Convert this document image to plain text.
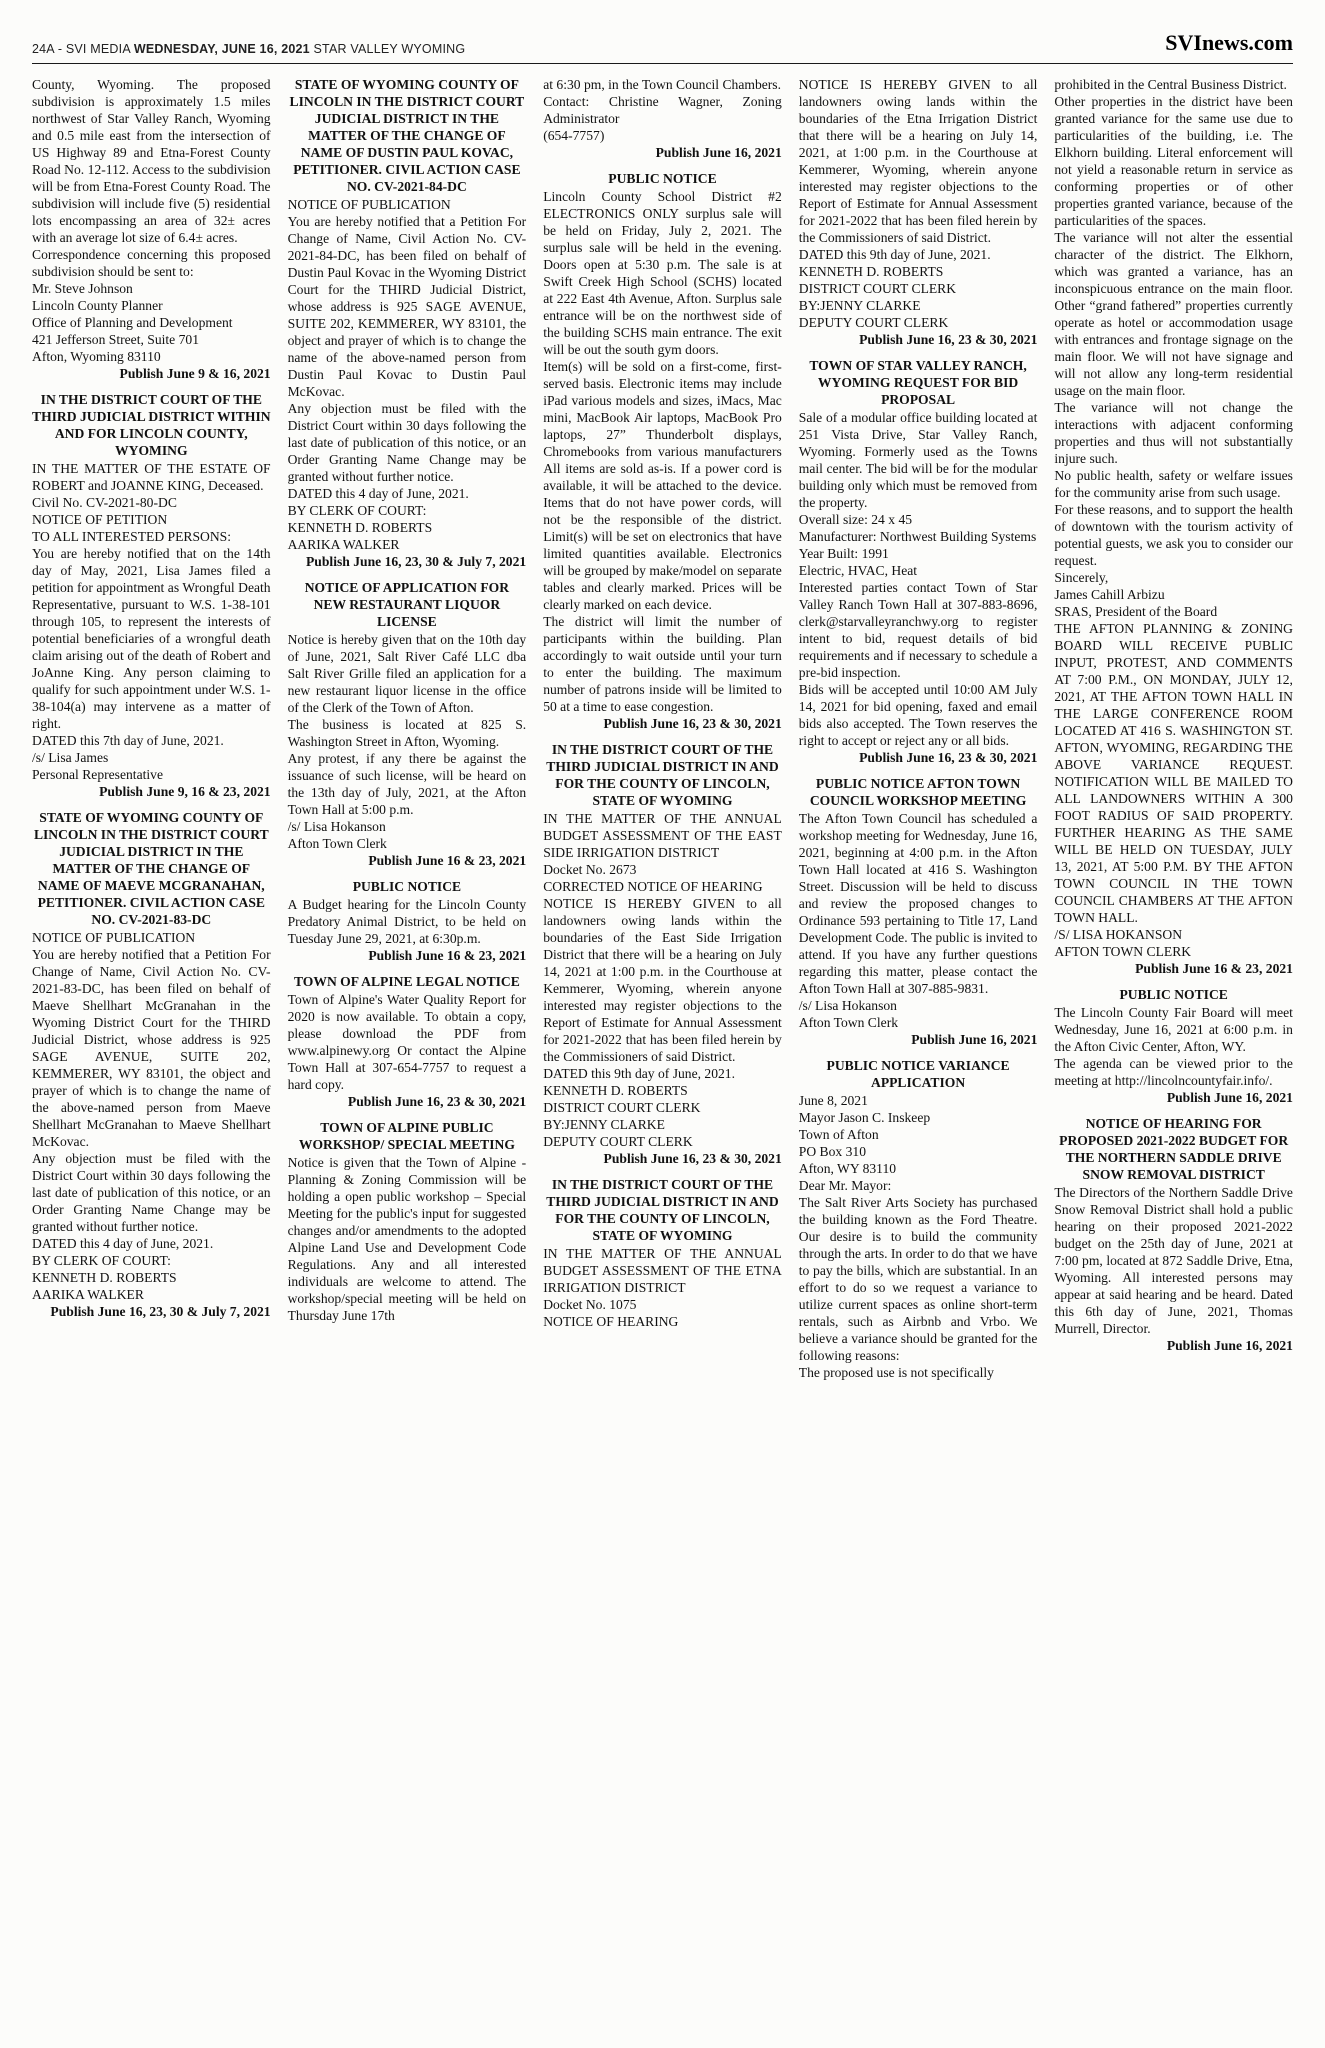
24A - SVI MEDIA WEDNESDAY, JUNE 16, 2021 STAR VALLEY WYOMING	SVInews.com
County, Wyoming. The proposed subdivision is approximately 1.5 miles northwest of Star Valley Ranch, Wyoming and 0.5 mile east from the intersection of US Highway 89 and Etna-Forest County Road No. 12-112. Access to the subdivision will be from Etna-Forest County Road. The subdivision will include five (5) residential lots encompassing an area of 32± acres with an average lot size of 6.4± acres.
Correspondence concerning this proposed subdivision should be sent to:
Mr. Steve Johnson
Lincoln County Planner
Office of Planning and Development
421 Jefferson Street, Suite 701
Afton, Wyoming 83110
Publish June 9 & 16, 2021
IN THE DISTRICT COURT OF THE THIRD JUDICIAL DISTRICT WITHIN AND FOR LINCOLN COUNTY, WYOMING
IN THE MATTER OF THE ESTATE OF ROBERT and JOANNE KING, Deceased.
Civil No. CV-2021-80-DC
NOTICE OF PETITION
TO ALL INTERESTED PERSONS:
You are hereby notified that on the 14th day of May, 2021, Lisa James filed a petition for appointment as Wrongful Death Representative, pursuant to W.S. 1-38-101 through 105, to represent the interests of potential beneficiaries of a wrongful death claim arising out of the death of Robert and JoAnne King. Any person claiming to qualify for such appointment under W.S. 1- 38-104(a) may intervene as a matter of right.
DATED this 7th day of June, 2021.
/s/ Lisa James
Personal Representative
Publish June 9, 16 & 23, 2021
STATE OF WYOMING COUNTY OF LINCOLN IN THE DISTRICT COURT JUDICIAL DISTRICT IN THE MATTER OF THE CHANGE OF NAME OF MAEVE MCGRANAHAN, PETITIONER. CIVIL ACTION CASE NO. CV-2021-83-DC
NOTICE OF PUBLICATION
You are hereby notified that a Petition For Change of Name, Civil Action No. CV-2021-83-DC, has been filed on behalf of Maeve Shellhart McGranahan in the Wyoming District Court for the THIRD Judicial District, whose address is 925 SAGE AVENUE, SUITE 202, KEMMERER, WY 83101, the object and prayer of which is to change the name of the above-named person from Maeve Shellhart McGranahan to Maeve Shellhart McKovac.
Any objection must be filed with the District Court within 30 days following the last date of publication of this notice, or an Order Granting Name Change may be granted without further notice.
DATED this 4 day of June, 2021.
BY CLERK OF COURT:
KENNETH D. ROBERTS
AARIKA WALKER
Publish June 16, 23, 30 & July 7, 2021
STATE OF WYOMING COUNTY OF LINCOLN IN THE DISTRICT COURT JUDICIAL DISTRICT IN THE MATTER OF THE CHANGE OF NAME OF DUSTIN PAUL KOVAC, PETITIONER. CIVIL ACTION CASE NO. CV-2021-84-DC
NOTICE OF PUBLICATION
You are hereby notified that a Petition For Change of Name, Civil Action No. CV-2021-84-DC, has been filed on behalf of Dustin Paul Kovac in the Wyoming District Court for the THIRD Judicial District, whose address is 925 SAGE AVENUE, SUITE 202, KEMMERER, WY 83101, the object and prayer of which is to change the name of the above-named person from Dustin Paul Kovac to Dustin Paul McKovac.
Any objection must be filed with the District Court within 30 days following the last date of publication of this notice, or an Order Granting Name Change may be granted without further notice.
DATED this 4 day of June, 2021.
BY CLERK OF COURT:
KENNETH D. ROBERTS
AARIKA WALKER
Publish June 16, 23, 30 & July 7, 2021
NOTICE OF APPLICATION FOR NEW RESTAURANT LIQUOR LICENSE
Notice is hereby given that on the 10th day of June, 2021, Salt River Café LLC dba Salt River Grille filed an application for a new restaurant liquor license in the office of the Clerk of the Town of Afton.
The business is located at 825 S. Washington Street in Afton, Wyoming.
Any protest, if any there be against the issuance of such license, will be heard on the 13th day of July, 2021, at the Afton Town Hall at 5:00 p.m.
/s/ Lisa Hokanson
Afton Town Clerk
Publish June 16 & 23, 2021
PUBLIC NOTICE
A Budget hearing for the Lincoln County Predatory Animal District, to be held on Tuesday June 29, 2021, at 6:30p.m.
Publish June 16 & 23, 2021
TOWN OF ALPINE LEGAL NOTICE
Town of Alpine's Water Quality Report for 2020 is now available. To obtain a copy, please download the PDF from www.alpinewy.org Or contact the Alpine Town Hall at 307-654-7757 to request a hard copy.
Publish June 16, 23 & 30, 2021
TOWN OF ALPINE PUBLIC WORKSHOP/ SPECIAL MEETING
Notice is given that the Town of Alpine - Planning & Zoning Commission will be holding a open public workshop – Special Meeting for the public's input for suggested changes and/or amendments to the adopted Alpine Land Use and Development Code Regulations. Any and all interested individuals are welcome to attend. The workshop/special meeting will be held on Thursday June 17th
at 6:30 pm, in the Town Council Chambers.
Contact: Christine Wagner, Zoning Administrator
(654-7757)
Publish June 16, 2021
PUBLIC NOTICE
Lincoln County School District #2 ELECTRONICS ONLY surplus sale will be held on Friday, July 2, 2021. The surplus sale will be held in the evening. Doors open at 5:30 p.m. The sale is at Swift Creek High School (SCHS) located at 222 East 4th Avenue, Afton. Surplus sale entrance will be on the northwest side of the building SCHS main entrance. The exit will be out the south gym doors.
Item(s) will be sold on a first-come, first-served basis. Electronic items may include iPad various models and sizes, iMacs, Mac mini, MacBook Air laptops, MacBook Pro laptops, 27” Thunderbolt displays, Chromebooks from various manufacturers All items are sold as-is. If a power cord is available, it will be attached to the device. Items that do not have power cords, will not be the responsible of the district. Limit(s) will be set on electronics that have limited quantities available. Electronics will be grouped by make/model on separate tables and clearly marked. Prices will be clearly marked on each device.
The district will limit the number of participants within the building. Plan accordingly to wait outside until your turn to enter the building. The maximum number of patrons inside will be limited to 50 at a time to ease congestion.
Publish June 16, 23 & 30, 2021
IN THE DISTRICT COURT OF THE THIRD JUDICIAL DISTRICT IN AND FOR THE COUNTY OF LINCOLN, STATE OF WYOMING
IN THE MATTER OF THE ANNUAL BUDGET ASSESSMENT OF THE EAST SIDE IRRIGATION DISTRICT
Docket No. 2673
CORRECTED NOTICE OF HEARING
NOTICE IS HEREBY GIVEN to all landowners owing lands within the boundaries of the East Side Irrigation District that there will be a hearing on July 14, 2021 at 1:00 p.m. in the Courthouse at Kemmerer, Wyoming, wherein anyone interested may register objections to the Report of Estimate for Annual Assessment for 2021-2022 that has been filed herein by the Commissioners of said District.
DATED this 9th day of June, 2021.
KENNETH D. ROBERTS
DISTRICT COURT CLERK
BY:JENNY CLARKE
DEPUTY COURT CLERK
Publish June 16, 23 & 30, 2021
IN THE DISTRICT COURT OF THE THIRD JUDICIAL DISTRICT IN AND FOR THE COUNTY OF LINCOLN, STATE OF WYOMING
IN THE MATTER OF THE ANNUAL BUDGET ASSESSMENT OF THE ETNA IRRIGATION DISTRICT
Docket No. 1075
NOTICE OF HEARING
NOTICE IS HEREBY GIVEN to all landowners owing lands within the boundaries of the Etna Irrigation District that there will be a hearing on July 14, 2021, at 1:00 p.m. in the Courthouse at Kemmerer, Wyoming, wherein anyone interested may register objections to the Report of Estimate for Annual Assessment for 2021-2022 that has been filed herein by the Commissioners of said District.
DATED this 9th day of June, 2021.
KENNETH D. ROBERTS
DISTRICT COURT CLERK
BY:JENNY CLARKE
DEPUTY COURT CLERK
Publish June 16, 23 & 30, 2021
TOWN OF STAR VALLEY RANCH, WYOMING REQUEST FOR BID PROPOSAL
Sale of a modular office building located at 251 Vista Drive, Star Valley Ranch, Wyoming. Formerly used as the Towns mail center. The bid will be for the modular building only which must be removed from the property.
Overall size: 24 x 45
Manufacturer: Northwest Building Systems
Year Built: 1991
Electric, HVAC, Heat
Interested parties contact Town of Star Valley Ranch Town Hall at 307-883-8696, clerk@starvalleyranchwy.org to register intent to bid, request details of bid requirements and if necessary to schedule a pre-bid inspection.
Bids will be accepted until 10:00 AM July 14, 2021 for bid opening, faxed and email bids also accepted. The Town reserves the right to accept or reject any or all bids.
Publish June 16, 23 & 30, 2021
PUBLIC NOTICE AFTON TOWN COUNCIL WORKSHOP MEETING
The Afton Town Council has scheduled a workshop meeting for Wednesday, June 16, 2021, beginning at 4:00 p.m. in the Afton Town Hall located at 416 S. Washington Street. Discussion will be held to discuss and review the proposed changes to Ordinance 593 pertaining to Title 17, Land Development Code. The public is invited to attend. If you have any further questions regarding this matter, please contact the Afton Town Hall at 307-885-9831.
/s/ Lisa Hokanson
Afton Town Clerk
Publish June 16, 2021
PUBLIC NOTICE VARIANCE APPLICATION
June 8, 2021
Mayor Jason C. Inskeep
Town of Afton
PO Box 310
Afton, WY 83110
Dear Mr. Mayor:
The Salt River Arts Society has purchased the building known as the Ford Theatre. Our desire is to build the community through the arts. In order to do that we have to pay the bills, which are substantial. In an effort to do so we request a variance to utilize current spaces as online short-term rentals, such as Airbnb and Vrbo. We believe a variance should be granted for the following reasons:
The proposed use is not specifically
prohibited in the Central Business District.
Other properties in the district have been granted variance for the same use due to particularities of the building, i.e. The Elkhorn building. Literal enforcement will not yield a reasonable return in service as conforming properties or of other properties granted variance, because of the particularities of the spaces.
The variance will not alter the essential character of the district. The Elkhorn, which was granted a variance, has an inconspicuous entrance on the main floor. Other “grand fathered” properties currently operate as hotel or accommodation usage with entrances and frontage signage on the main floor. We will not have signage and will not allow any long-term residential usage on the main floor.
The variance will not change the interactions with adjacent conforming properties and thus will not substantially injure such.
No public health, safety or welfare issues for the community arise from such usage.
For these reasons, and to support the health of downtown with the tourism activity of potential guests, we ask you to consider our request.
Sincerely,
James Cahill Arbizu
SRAS, President of the Board
THE AFTON PLANNING & ZONING BOARD WILL RECEIVE PUBLIC INPUT, PROTEST, AND COMMENTS AT 7:00 P.M., ON MONDAY, JULY 12, 2021, AT THE AFTON TOWN HALL IN THE LARGE CONFERENCE ROOM LOCATED AT 416 S. WASHINGTON ST. AFTON, WYOMING, REGARDING THE ABOVE VARIANCE REQUEST. NOTIFICATION WILL BE MAILED TO ALL LANDOWNERS WITHIN A 300 FOOT RADIUS OF SAID PROPERTY. FURTHER HEARING AS THE SAME WILL BE HELD ON TUESDAY, JULY 13, 2021, AT 5:00 P.M. BY THE AFTON TOWN COUNCIL IN THE TOWN COUNCIL CHAMBERS AT THE AFTON TOWN HALL.
/S/ LISA HOKANSON
AFTON TOWN CLERK
Publish June 16 & 23, 2021
PUBLIC NOTICE
The Lincoln County Fair Board will meet Wednesday, June 16, 2021 at 6:00 p.m. in the Afton Civic Center, Afton, WY.
The agenda can be viewed prior to the meeting at http://lincolncountyfair.info/.
Publish June 16, 2021
NOTICE OF HEARING FOR PROPOSED 2021-2022 BUDGET FOR THE NORTHERN SADDLE DRIVE SNOW REMOVAL DISTRICT
The Directors of the Northern Saddle Drive Snow Removal District shall hold a public hearing on their proposed 2021-2022 budget on the 25th day of June, 2021 at 7:00 pm, located at 872 Saddle Drive, Etna, Wyoming. All interested persons may appear at said hearing and be heard. Dated this 6th day of June, 2021, Thomas Murrell, Director.
Publish June 16, 2021
